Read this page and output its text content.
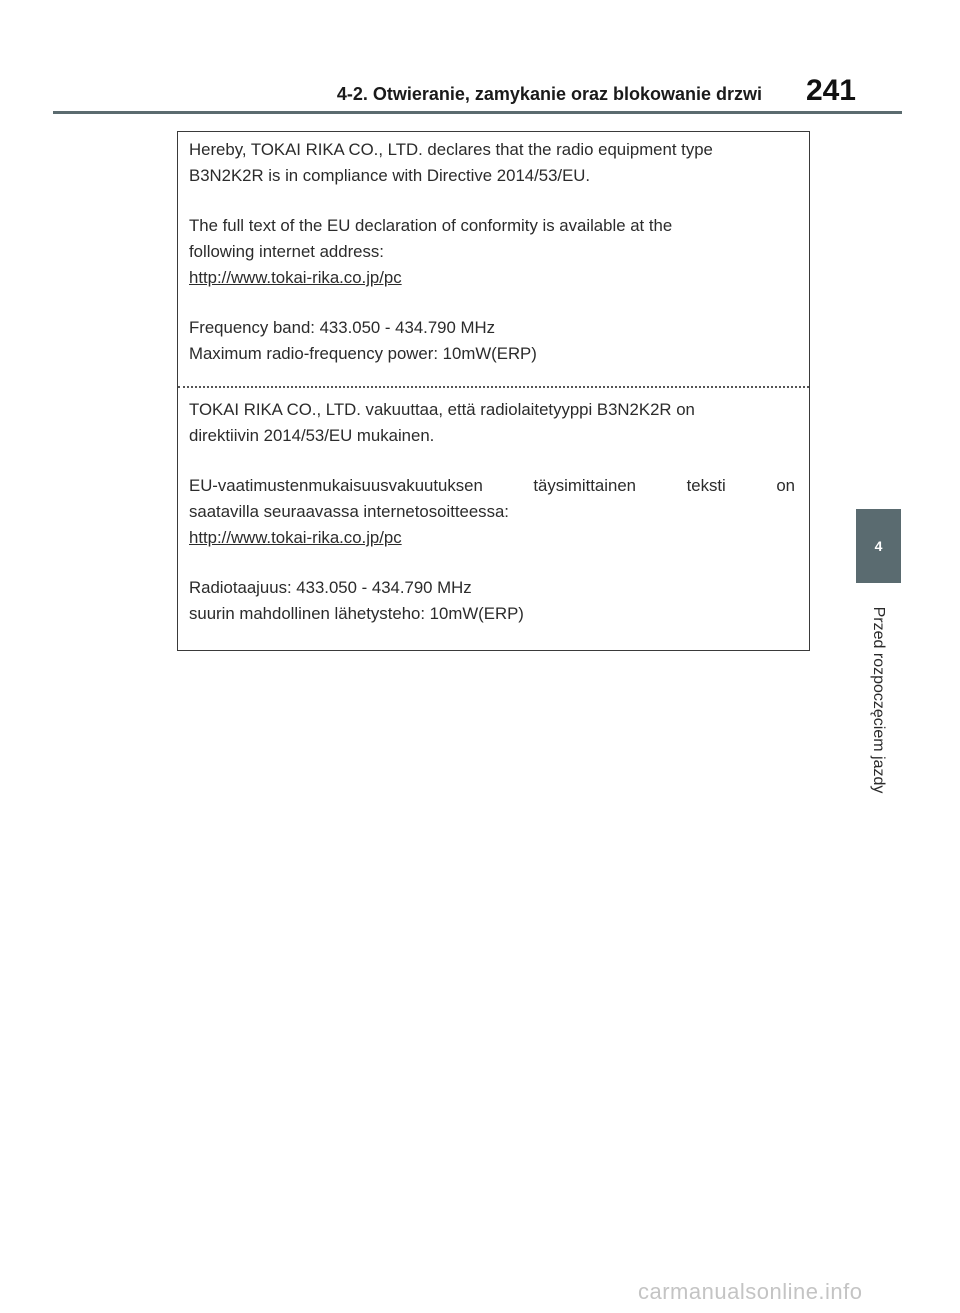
4-2. Otwieranie, zamykanie oraz blokowanie drzwi	241
4
Przed rozpoczęciem jazdy

Hereby, TOKAI RIKA CO., LTD. declares that the radio equipment type

B3N2K2R is in compliance with Directive 2014/53/EU.

The full text of the EU declaration of conformity is available at the

following internet address:

http://www.tokai-rika.co.jp/pc

Frequency band: 433.050 - 434.790 MHz

Maximum radio-frequency power: 10mW(ERP)

TOKAI RIKA CO., LTD. vakuuttaa, että radiolaitetyyppi B3N2K2R on

direktiivin 2014/53/EU mukainen.

EU-vaatimustenmukaisuusvakuutuksen täysimittainen teksti on

saatavilla seuraavassa internetosoitteessa:

http://www.tokai-rika.co.jp/pc

Radiotaajuus: 433.050 - 434.790 MHz

suurin mahdollinen lähetysteho: 10mW(ERP)

carmanualsonline.info
